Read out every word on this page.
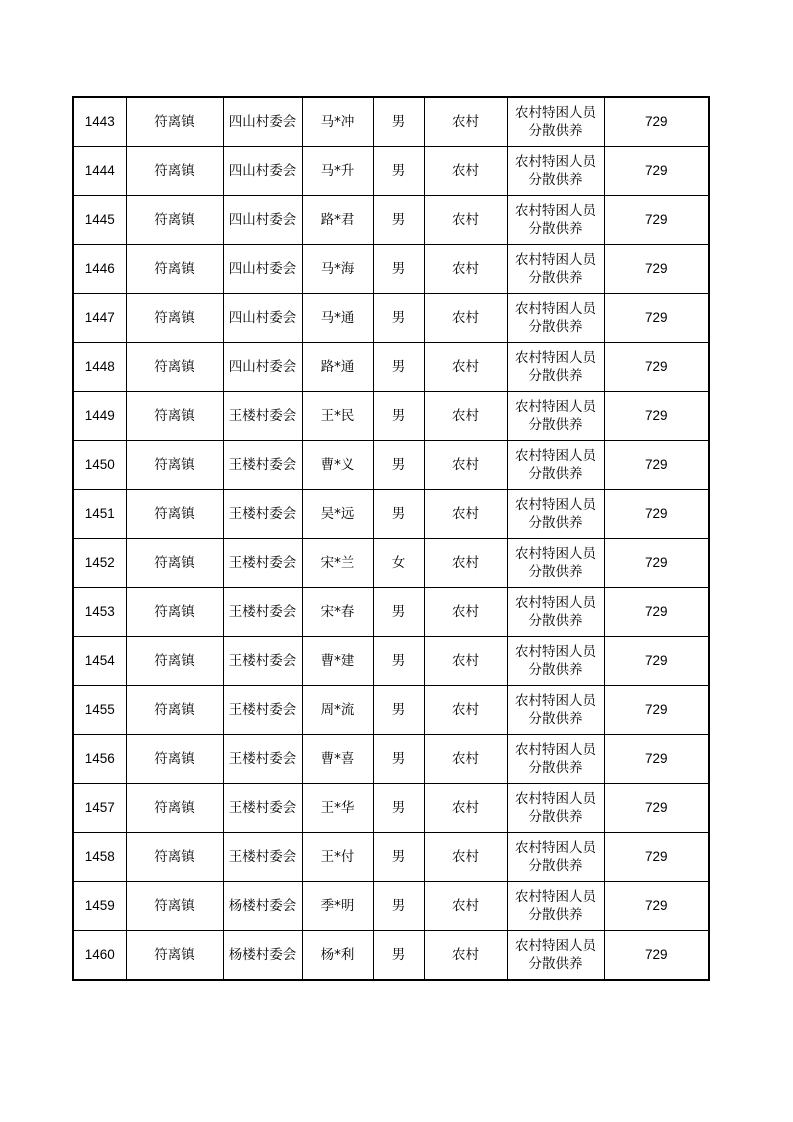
1443	符离镇	四山村委会	马*冲	男	农村	农村特困人员分散供养	729
1444	符离镇	四山村委会	马*升	男	农村	农村特困人员分散供养	729
1445	符离镇	四山村委会	路*君	男	农村	农村特困人员分散供养	729
1446	符离镇	四山村委会	马*海	男	农村	农村特困人员分散供养	729
1447	符离镇	四山村委会	马*通	男	农村	农村特困人员分散供养	729
1448	符离镇	四山村委会	路*通	男	农村	农村特困人员分散供养	729
1449	符离镇	王楼村委会	王*民	男	农村	农村特困人员分散供养	729
1450	符离镇	王楼村委会	曹*义	男	农村	农村特困人员分散供养	729
1451	符离镇	王楼村委会	吴*远	男	农村	农村特困人员分散供养	729
1452	符离镇	王楼村委会	宋*兰	女	农村	农村特困人员分散供养	729
1453	符离镇	王楼村委会	宋*春	男	农村	农村特困人员分散供养	729
1454	符离镇	王楼村委会	曹*建	男	农村	农村特困人员分散供养	729
1455	符离镇	王楼村委会	周*流	男	农村	农村特困人员分散供养	729
1456	符离镇	王楼村委会	曹*喜	男	农村	农村特困人员分散供养	729
1457	符离镇	王楼村委会	王*华	男	农村	农村特困人员分散供养	729
1458	符离镇	王楼村委会	王*付	男	农村	农村特困人员分散供养	729
1459	符离镇	杨楼村委会	季*明	男	农村	农村特困人员分散供养	729
1460	符离镇	杨楼村委会	杨*利	男	农村	农村特困人员分散供养	729
